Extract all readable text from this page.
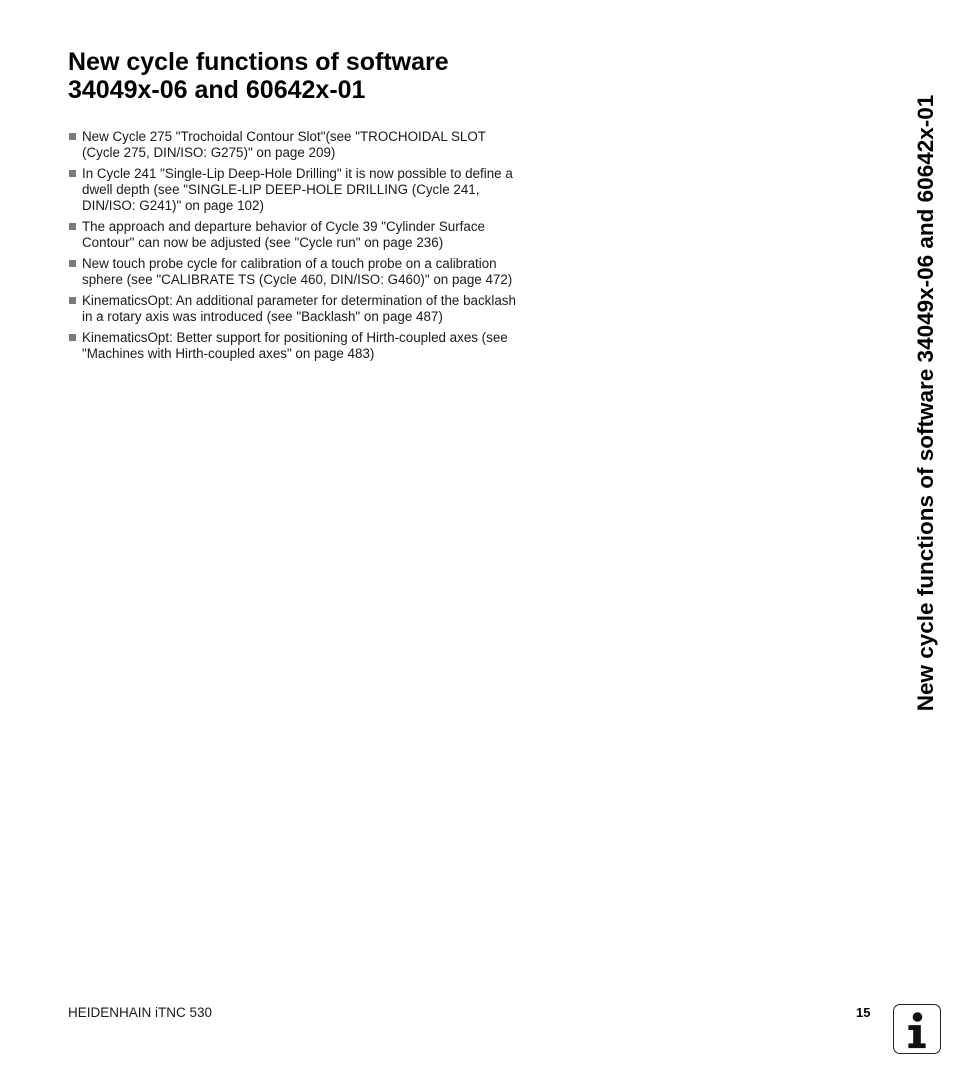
New cycle functions of software
34049x-06 and 60642x-01
New Cycle 275 "Trochoidal Contour Slot"(see "TROCHOIDAL SLOT (Cycle 275, DIN/ISO: G275)" on page 209)
In Cycle 241 "Single-Lip Deep-Hole Drilling" it is now possible to define a dwell depth (see "SINGLE-LIP DEEP-HOLE DRILLING (Cycle 241, DIN/ISO: G241)" on page 102)
The approach and departure behavior of Cycle 39 "Cylinder Surface Contour" can now be adjusted (see "Cycle run" on page 236)
New touch probe cycle for calibration of a touch probe on a calibration sphere (see "CALIBRATE TS (Cycle 460, DIN/ISO: G460)" on page 472)
KinematicsOpt: An additional parameter for determination of the backlash in a rotary axis was introduced (see "Backlash" on page 487)
KinematicsOpt: Better support for positioning of Hirth-coupled axes (see "Machines with Hirth-coupled axes" on page 483)	New cycle functions of software 34049x-06 and 60642x-01
HEIDENHAIN iTNC 530	15
